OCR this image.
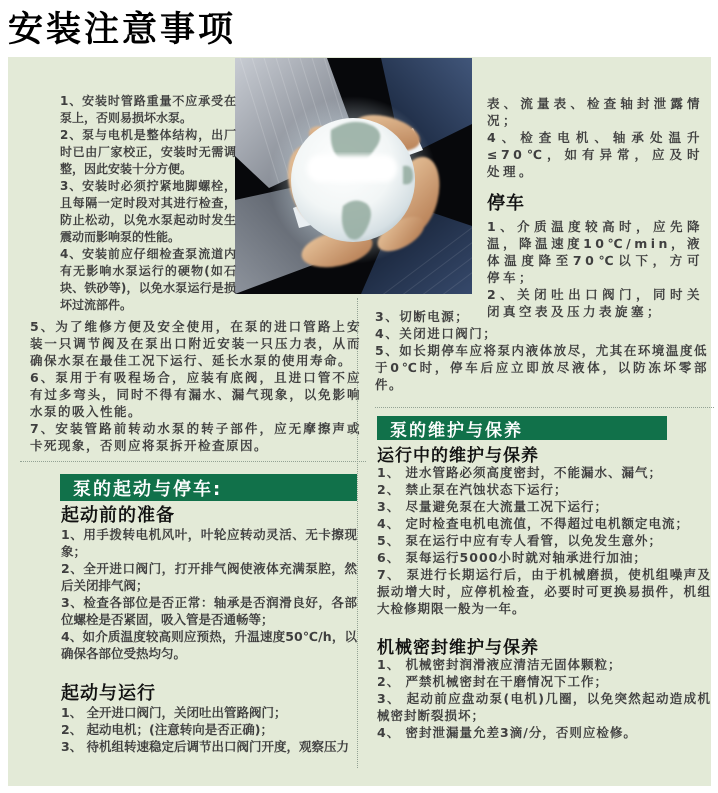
安装注意事项

1、安装时管路重量不应承受在泵上，否则易损坏水泵。

2、泵与电机是整体结构，出厂时已由厂家校正，安装时无需调整，因此安装十分方便。

3、安装时必须拧紧地脚螺栓，且每隔一定时段对其进行检查，防止松动，以免水泵起动时发生震动而影响泵的性能。

4、安装前应仔细检查泵流道内有无影响水泵运行的硬物(如石块、铁砂等)，以免水泵运行是损坏过流部件。

表、流量表、检查轴封泄露情况；

4、检查电机、轴承处温升≤70℃，如有异常，应及时处理。

停车

1、介质温度较高时，应先降温，降温速度10℃/min，液体温度降至70℃以下，方可停车；

2、关闭吐出口阀门，同时关闭真空表及压力表旋塞；

5、为了维修方便及安全使用，在泵的进口管路上安装一只调节阀及在泵出口附近安装一只压力表，从而确保水泵在最佳工况下运行、延长水泵的使用寿命。

6、泵用于有吸程场合，应装有底阀，且进口管不应有过多弯头，同时不得有漏水、漏气现象，以免影响水泵的吸入性能。

7、安装管路前转动水泵的转子部件，应无摩擦声或卡死现象，否则应将泵拆开检查原因。

3、切断电源；

4、关闭进口阀门；

5、如长期停车应将泵内液体放尽，尤其在环境温度低于0℃时，停车后应立即放尽液体，以防冻坏零部件。

泵的起动与停车:
起动前的准备

1、用手拨转电机风叶，叶轮应转动灵活、无卡擦现象；

2、全开进口阀门，打开排气阀使液体充满泵腔，然后关闭排气阀；

3、检查各部位是否正常：轴承是否润滑良好，各部位螺栓是否紧固，吸入管是否通畅等；

4、如介质温度较高则应预热，升温速度50℃/h，以确保各部位受热均匀。

起动与运行

1、 全开进口阀门，关闭吐出管路阀门；

2、 起动电机；(注意转向是否正确)；

3、 待机组转速稳定后调节出口阀门开度，观察压力

泵的维护与保养
运行中的维护与保养

1、 进水管路必须高度密封，不能漏水、漏气；

2、 禁止泵在汽蚀状态下运行；

3、 尽量避免泵在大流量工况下运行；

4、 定时检查电机电流值，不得超过电机额定电流；

5、 泵在运行中应有专人看管，以免发生意外；

6、 泵每运行5000小时就对轴承进行加油；

7、 泵进行长期运行后，由于机械磨损，使机组噪声及振动增大时，应停机检查，必要时可更换易损件，机组大检修期限一般为一年。

机械密封维护与保养

1、 机械密封润滑液应清洁无固体颗粒；

2、 严禁机械密封在干磨情况下工作；

3、 起动前应盘动泵(电机)几圈，以免突然起动造成机械密封断裂损坏；

4、 密封泄漏量允差3滴/分，否则应检修。
